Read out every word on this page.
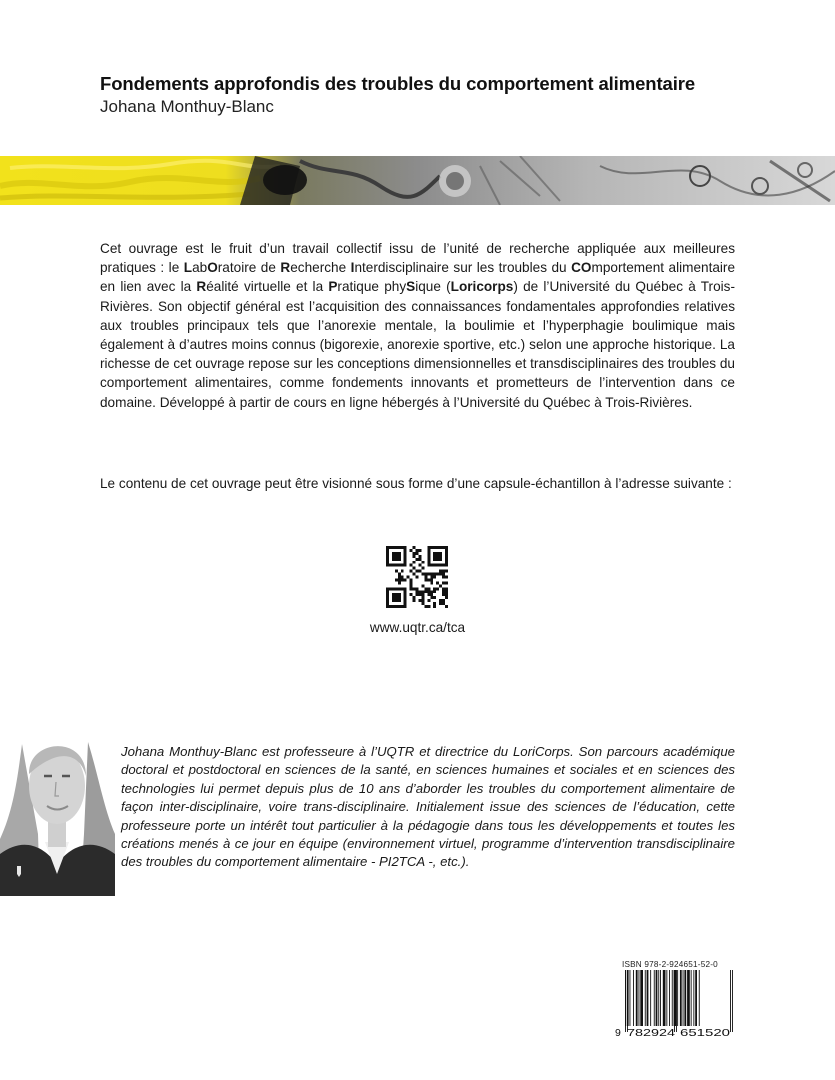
Fondements approfondis des troubles du comportement alimentaire
Johana Monthuy-Blanc
Cet ouvrage est le fruit d’un travail collectif issu de l’unité de recherche appliquée aux meilleures pratiques : le LabOratoire de Recherche Interdisciplinaire sur les troubles du COmportement alimentaire en lien avec la Réalité virtuelle et la Pratique phySique (Loricorps) de l’Université du Québec à Trois-Rivières. Son objectif général est l’acquisition des connaissances fondamentales approfondies relatives aux troubles principaux tels que l’anorexie mentale, la boulimie et l’hyperphagie boulimique mais également à d’autres moins connus (bigorexie, anorexie sportive, etc.) selon une approche historique. La richesse de cet ouvrage repose sur les conceptions dimensionnelles et transdisciplinaires des troubles du comportement alimentaires, comme fondements innovants et prometteurs de l’intervention dans ce domaine. Développé à partir de cours en ligne hébergés à l’Université du Québec à Trois-Rivières.
Le contenu de cet ouvrage peut être visionné sous forme d’une capsule-échantillon à l’adresse suivante :
www.uqtr.ca/tca
Johana Monthuy-Blanc est professeure à l’UQTR et directrice du LoriCorps. Son parcours académique doctoral et postdoctoral en sciences de la santé, en sciences humaines et sociales et en sciences des technologies lui permet depuis plus de 10 ans d’aborder les troubles du comportement alimentaire de façon inter-disciplinaire, voire trans-disciplinaire. Initialement issue des sciences de l’éducation, cette professeure porte un intérêt tout particulier à la pédagogie dans tous les développements et toutes les créations menés à ce jour en équipe (environnement virtuel, programme d’intervention transdisciplinaire des troubles du comportement alimentaire - PI2TCA -, etc.).
ISBN 978-2-924651-52-0
9 782924 651520
